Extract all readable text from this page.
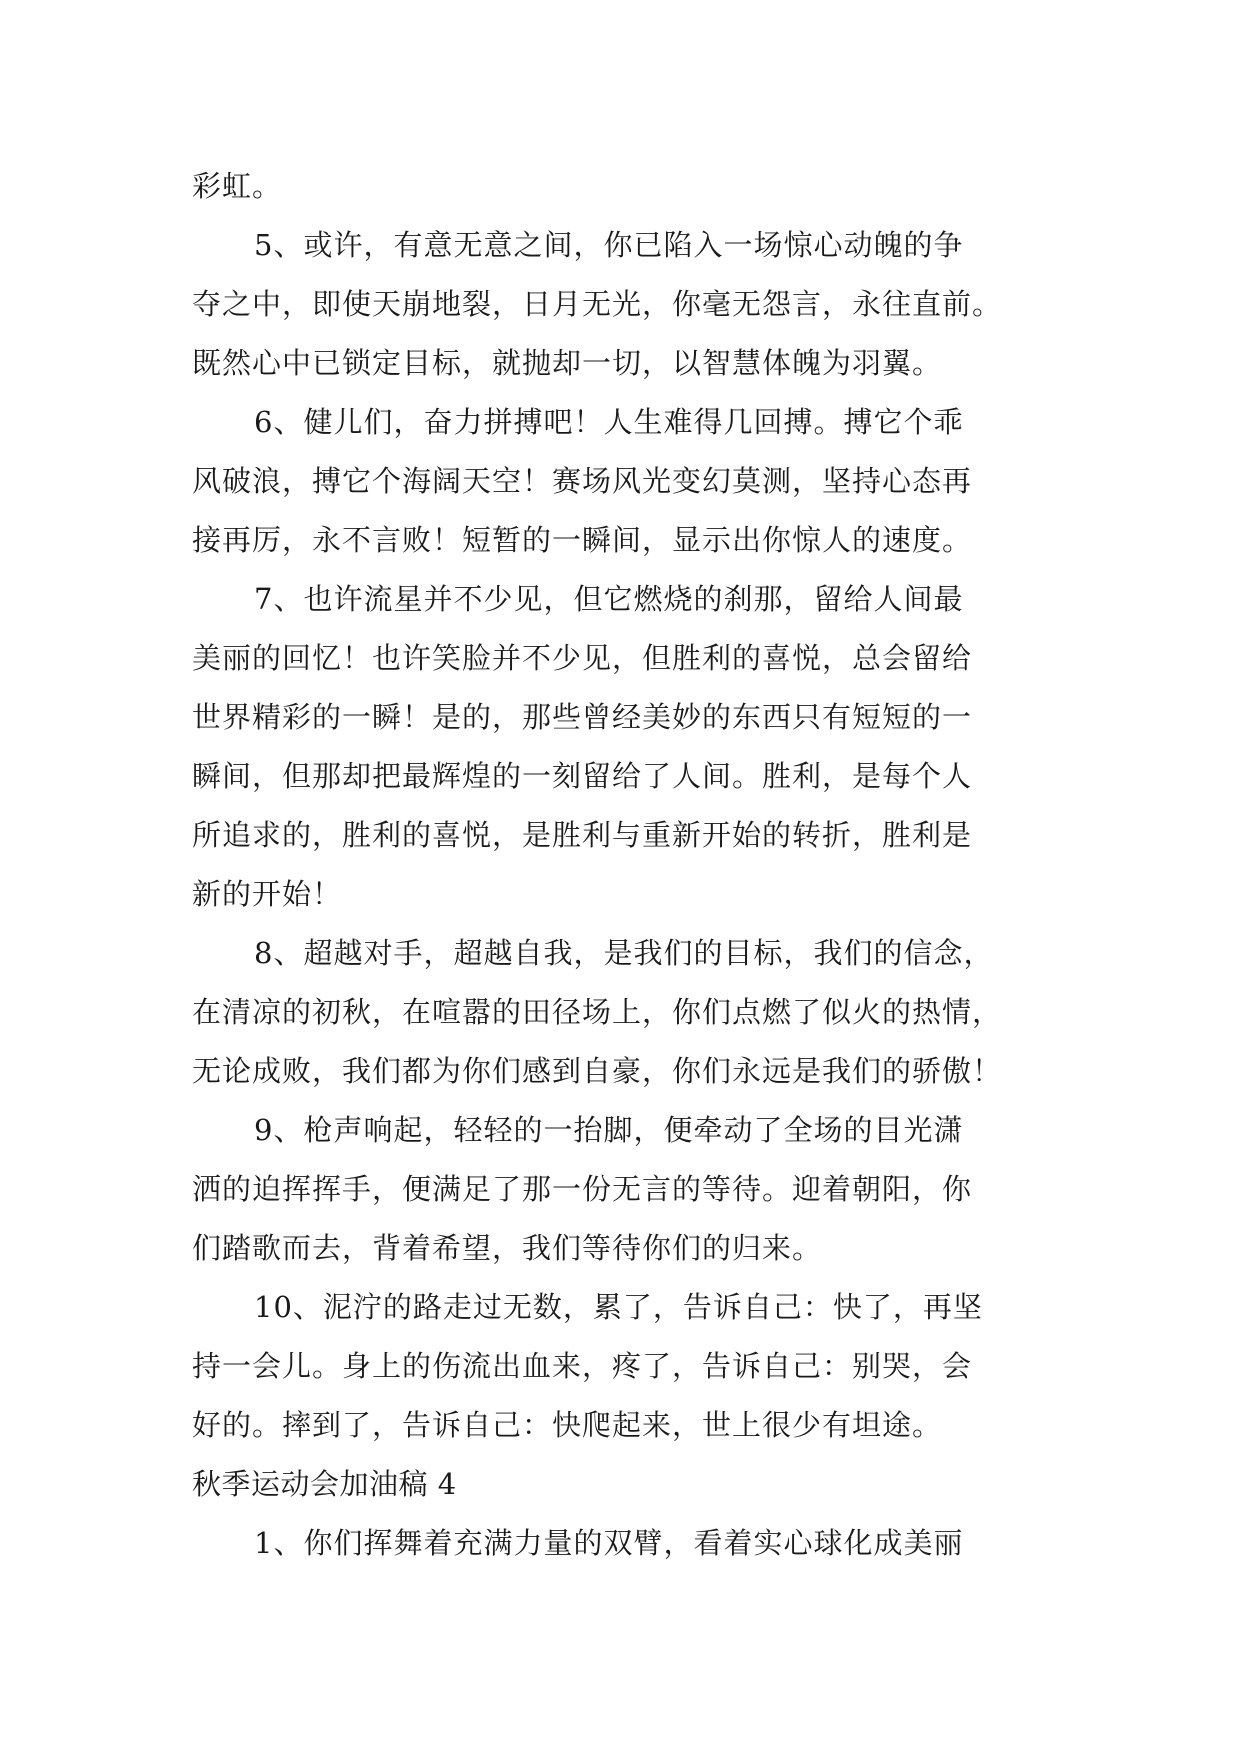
彩虹。
5、或许，有意无意之间，你已陷入一场惊心动魄的争
夺之中，即使天崩地裂，日月无光，你毫无怨言，永往直前。
既然心中已锁定目标，就抛却一切，以智慧体魄为羽翼。
6、健儿们，奋力拼搏吧！人生难得几回搏。搏它个乖
风破浪，搏它个海阔天空！赛场风光变幻莫测，坚持心态再
接再厉，永不言败！短暂的一瞬间，显示出你惊人的速度。
7、也许流星并不少见，但它燃烧的刹那，留给人间最
美丽的回忆！也许笑脸并不少见，但胜利的喜悦，总会留给
世界精彩的一瞬！是的，那些曾经美妙的东西只有短短的一
瞬间，但那却把最辉煌的一刻留给了人间。胜利，是每个人
所追求的，胜利的喜悦，是胜利与重新开始的转折，胜利是
新的开始！
8、超越对手，超越自我，是我们的目标，我们的信念，
在清凉的初秋，在喧嚣的田径场上，你们点燃了似火的热情，
无论成败，我们都为你们感到自豪，你们永远是我们的骄傲！
9、枪声响起，轻轻的一抬脚，便牵动了全场的目光潇
洒的迫挥挥手，便满足了那一份无言的等待。迎着朝阳，你
们踏歌而去，背着希望，我们等待你们的归来。
10、泥泞的路走过无数，累了，告诉自己：快了，再坚
持一会儿。身上的伤流出血来，疼了，告诉自己：别哭，会
好的。摔到了，告诉自己：快爬起来，世上很少有坦途。
秋季运动会加油稿 4
1、你们挥舞着充满力量的双臂，看着实心球化成美丽
